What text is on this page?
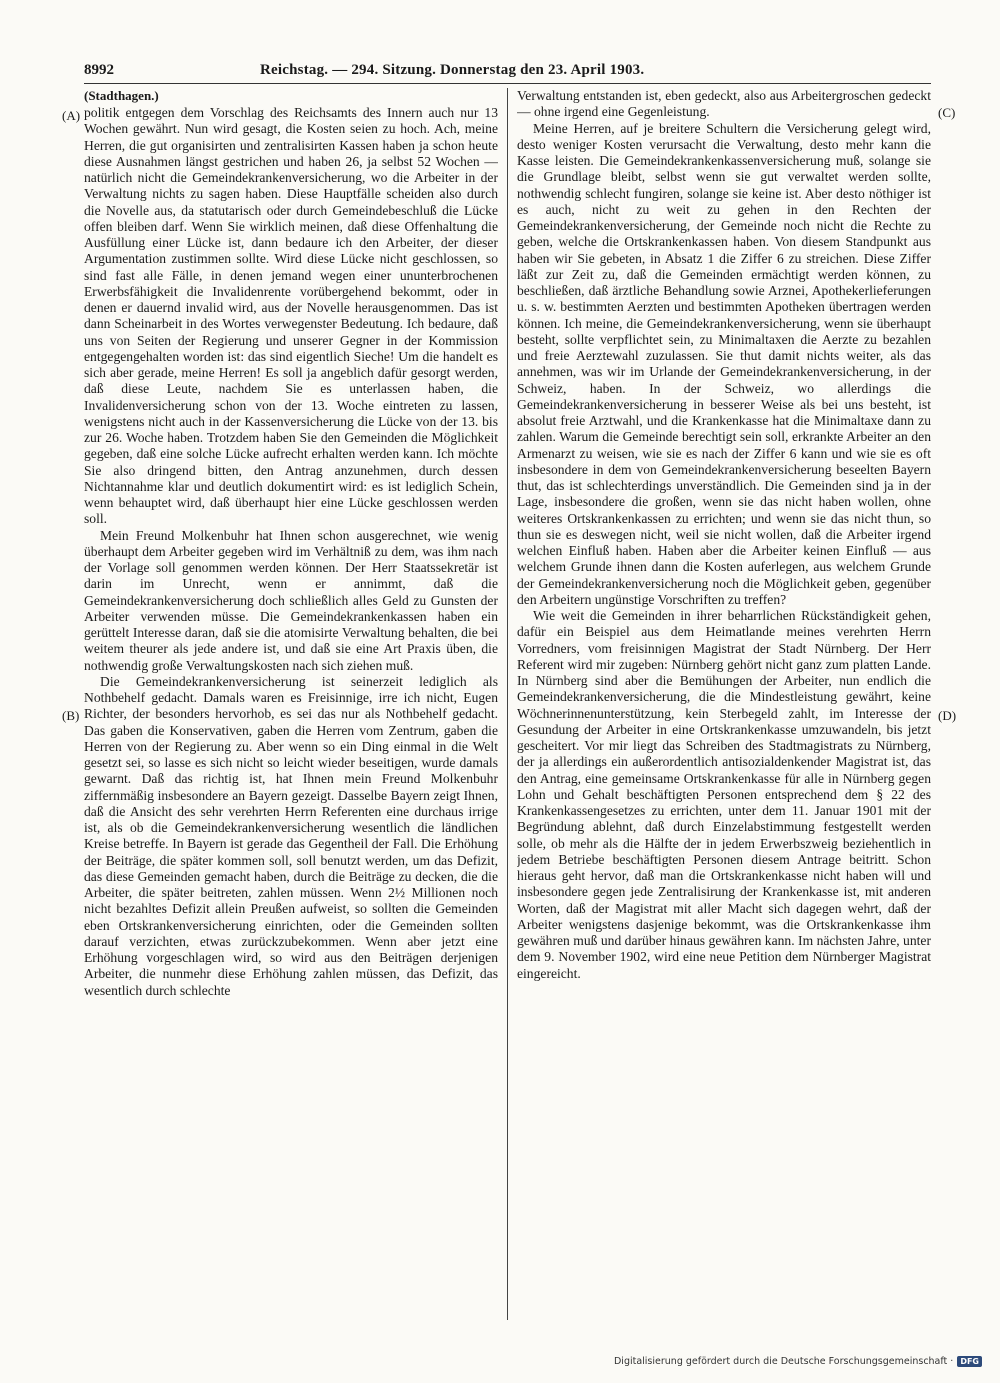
8992	Reichstag. — 294. Sitzung. Donnerstag den 23. April 1903.
(Stadthagen.)
(A)
(B)
(C)
(D)

politik entgegen dem Vorschlag des Reichsamts des Innern auch nur 13 Wochen gewährt. Nun wird gesagt, die Kosten seien zu hoch. Ach, meine Herren, die gut organisirten und zentralisirten Kassen haben ja schon heute diese Ausnahmen längst gestrichen und haben 26, ja selbst 52 Wochen — natürlich nicht die Gemeindekrankenversicherung, wo die Arbeiter in der Verwaltung nichts zu sagen haben. Diese Hauptfälle scheiden also durch die Novelle aus, da statutarisch oder durch Gemeindebeschluß die Lücke offen bleiben darf. Wenn Sie wirklich meinen, daß diese Offenhaltung die Ausfüllung einer Lücke ist, dann bedaure ich den Arbeiter, der dieser Argumentation zustimmen sollte. Wird diese Lücke nicht geschlossen, so sind fast alle Fälle, in denen jemand wegen einer ununterbrochenen Erwerbsfähigkeit die Invalidenrente vorübergehend bekommt, oder in denen er dauernd invalid wird, aus der Novelle herausgenommen. Das ist dann Scheinarbeit in des Wortes verwegenster Bedeutung. Ich bedaure, daß uns von Seiten der Regierung und unserer Gegner in der Kommission entgegengehalten worden ist: das sind eigentlich Sieche! Um die handelt es sich aber gerade, meine Herren! Es soll ja angeblich dafür gesorgt werden, daß diese Leute, nachdem Sie es unterlassen haben, die Invalidenversicherung schon von der 13. Woche eintreten zu lassen, wenigstens nicht auch in der Kassenversicherung die Lücke von der 13. bis zur 26. Woche haben. Trotzdem haben Sie den Gemeinden die Möglichkeit gegeben, daß eine solche Lücke aufrecht erhalten werden kann. Ich möchte Sie also dringend bitten, den Antrag anzunehmen, durch dessen Nichtannahme klar und deutlich dokumentirt wird: es ist lediglich Schein, wenn behauptet wird, daß überhaupt hier eine Lücke geschlossen werden soll.

Mein Freund Molkenbuhr hat Ihnen schon ausgerechnet, wie wenig überhaupt dem Arbeiter gegeben wird im Verhältniß zu dem, was ihm nach der Vorlage soll genommen werden können. Der Herr Staatssekretär ist darin im Unrecht, wenn er annimmt, daß die Gemeindekrankenversicherung doch schließlich alles Geld zu Gunsten der Arbeiter verwenden müsse. Die Gemeindekrankenkassen haben ein gerüttelt Interesse daran, daß sie die atomisirte Verwaltung behalten, die bei weitem theurer als jede andere ist, und daß sie eine Art Praxis üben, die nothwendig große Verwaltungskosten nach sich ziehen muß.

Die Gemeindekrankenversicherung ist seinerzeit lediglich als Nothbehelf gedacht. Damals waren es Freisinnige, irre ich nicht, Eugen Richter, der besonders hervorhob, es sei das nur als Nothbehelf gedacht. Das gaben die Konservativen, gaben die Herren vom Zentrum, gaben die Herren von der Regierung zu. Aber wenn so ein Ding einmal in die Welt gesetzt sei, so lasse es sich nicht so leicht wieder beseitigen, wurde damals gewarnt. Daß das richtig ist, hat Ihnen mein Freund Molkenbuhr ziffernmäßig insbesondere an Bayern gezeigt. Dasselbe Bayern zeigt Ihnen, daß die Ansicht des sehr verehrten Herrn Referenten eine durchaus irrige ist, als ob die Gemeindekrankenversicherung wesentlich die ländlichen Kreise betreffe. In Bayern ist gerade das Gegentheil der Fall. Die Erhöhung der Beiträge, die später kommen soll, soll benutzt werden, um das Defizit, das diese Gemeinden gemacht haben, durch die Beiträge zu decken, die die Arbeiter, die später beitreten, zahlen müssen. Wenn 2½ Millionen noch nicht bezahltes Defizit allein Preußen aufweist, so sollten die Gemeinden eben Ortskrankenversicherung einrichten, oder die Gemeinden sollten darauf verzichten, etwas zurückzubekommen. Wenn aber jetzt eine Erhöhung vorgeschlagen wird, so wird aus den Beiträgen derjenigen Arbeiter, die nunmehr diese Erhöhung zahlen müssen, das Defizit, das wesentlich durch schlechte

Verwaltung entstanden ist, eben gedeckt, also aus Arbeitergroschen gedeckt — ohne irgend eine Gegenleistung.

Meine Herren, auf je breitere Schultern die Versicherung gelegt wird, desto weniger Kosten verursacht die Verwaltung, desto mehr kann die Kasse leisten. Die Gemeindekrankenkassenversicherung muß, solange sie die Grundlage bleibt, selbst wenn sie gut verwaltet werden sollte, nothwendig schlecht fungiren, solange sie keine ist. Aber desto nöthiger ist es auch, nicht zu weit zu gehen in den Rechten der Gemeindekrankenversicherung, der Gemeinde noch nicht die Rechte zu geben, welche die Ortskrankenkassen haben. Von diesem Standpunkt aus haben wir Sie gebeten, in Absatz 1 die Ziffer 6 zu streichen. Diese Ziffer läßt zur Zeit zu, daß die Gemeinden ermächtigt werden können, zu beschließen, daß ärztliche Behandlung sowie Arznei, Apothekerlieferungen u. s. w. bestimmten Aerzten und bestimmten Apotheken übertragen werden können. Ich meine, die Gemeindekrankenversicherung, wenn sie überhaupt besteht, sollte verpflichtet sein, zu Minimaltaxen die Aerzte zu bezahlen und freie Aerztewahl zuzulassen. Sie thut damit nichts weiter, als das annehmen, was wir im Urlande der Gemeindekrankenversicherung, in der Schweiz, haben. In der Schweiz, wo allerdings die Gemeindekrankenversicherung in besserer Weise als bei uns besteht, ist absolut freie Arztwahl, und die Krankenkasse hat die Minimaltaxe dann zu zahlen. Warum die Gemeinde berechtigt sein soll, erkrankte Arbeiter an den Armenarzt zu weisen, wie sie es nach der Ziffer 6 kann und wie sie es oft insbesondere in dem von Gemeindekrankenversicherung beseelten Bayern thut, das ist schlechterdings unverständlich. Die Gemeinden sind ja in der Lage, insbesondere die großen, wenn sie das nicht haben wollen, ohne weiteres Ortskrankenkassen zu errichten; und wenn sie das nicht thun, so thun sie es deswegen nicht, weil sie nicht wollen, daß die Arbeiter irgend welchen Einfluß haben. Haben aber die Arbeiter keinen Einfluß — aus welchem Grunde ihnen dann die Kosten auferlegen, aus welchem Grunde der Gemeindekrankenversicherung noch die Möglichkeit geben, gegenüber den Arbeitern ungünstige Vorschriften zu treffen?

Wie weit die Gemeinden in ihrer beharrlichen Rückständigkeit gehen, dafür ein Beispiel aus dem Heimatlande meines verehrten Herrn Vorredners, vom freisinnigen Magistrat der Stadt Nürnberg. Der Herr Referent wird mir zugeben: Nürnberg gehört nicht ganz zum platten Lande. In Nürnberg sind aber die Bemühungen der Arbeiter, nun endlich die Gemeindekrankenversicherung, die die Mindestleistung gewährt, keine Wöchnerinnenunterstützung, kein Sterbegeld zahlt, im Interesse der Gesundung der Arbeiter in eine Ortskrankenkasse umzuwandeln, bis jetzt gescheitert. Vor mir liegt das Schreiben des Stadtmagistrats zu Nürnberg, der ja allerdings ein außerordentlich antisozialdenkender Magistrat ist, das den Antrag, eine gemeinsame Ortskrankenkasse für alle in Nürnberg gegen Lohn und Gehalt beschäftigten Personen entsprechend dem § 22 des Krankenkassengesetzes zu errichten, unter dem 11. Januar 1901 mit der Begründung ablehnt, daß durch Einzelabstimmung festgestellt werden solle, ob mehr als die Hälfte der in jedem Erwerbszweig beziehentlich in jedem Betriebe beschäftigten Personen diesem Antrage beitritt. Schon hieraus geht hervor, daß man die Ortskrankenkasse nicht haben will und insbesondere gegen jede Zentralisirung der Krankenkasse ist, mit anderen Worten, daß der Magistrat mit aller Macht sich dagegen wehrt, daß der Arbeiter wenigstens dasjenige bekommt, was die Ortskrankenkasse ihm gewähren muß und darüber hinaus gewähren kann. Im nächsten Jahre, unter dem 9. November 1902, wird eine neue Petition dem Nürnberger Magistrat eingereicht.

Digitalisierung gefördert durch die Deutsche Forschungsgemeinschaft · DFG
